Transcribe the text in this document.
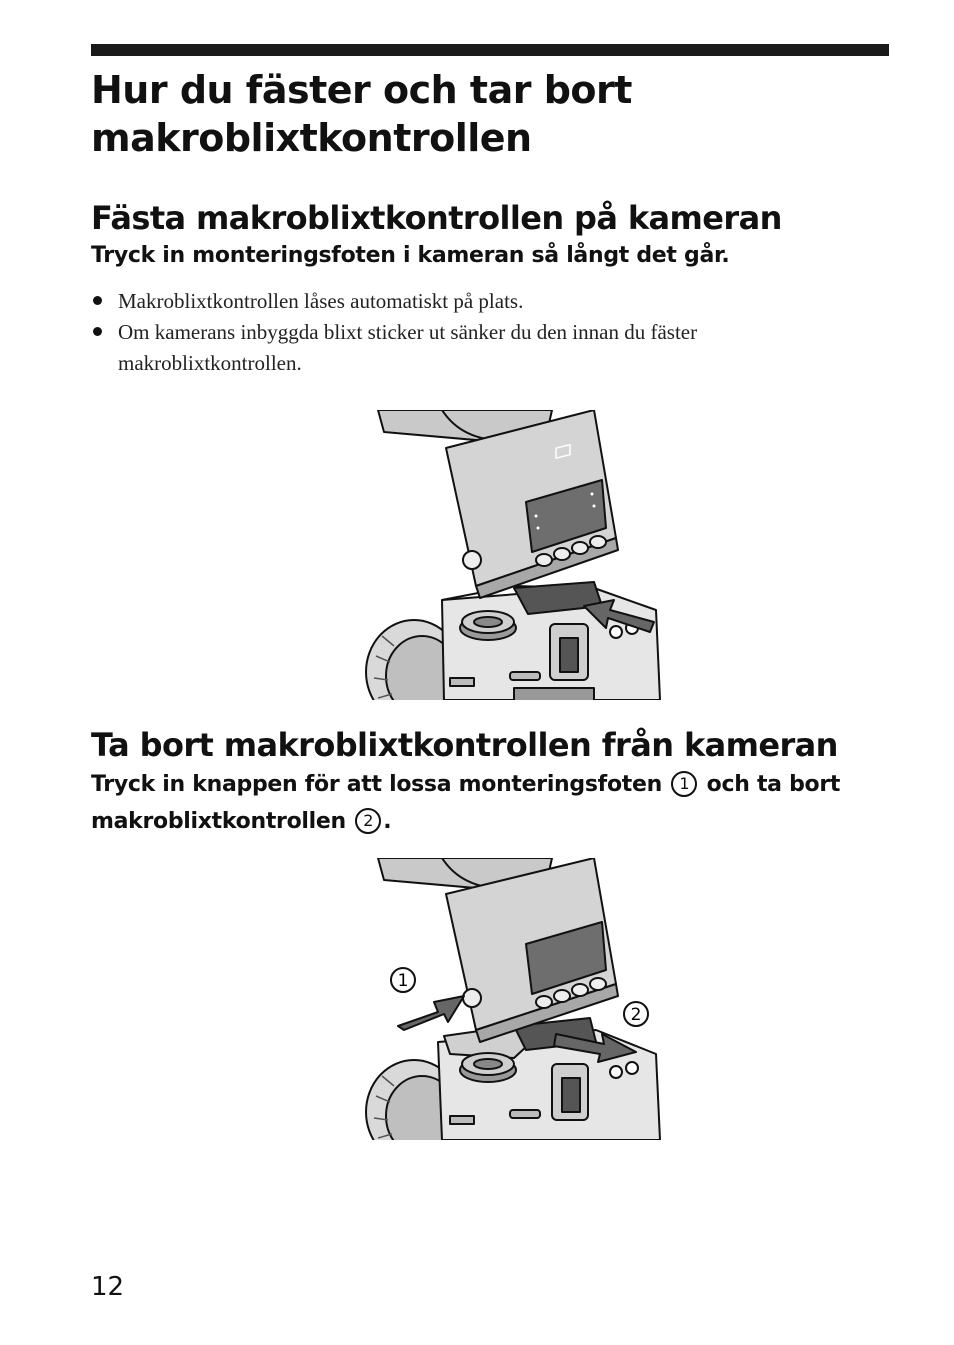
Hur du fäster och tar bort makroblixtkontrollen
Fästa makroblixtkontrollen på kameran

Tryck in monteringsfoten i kameran så långt det går.

Makroblixtkontrollen låses automatiskt på plats.
Om kamerans inbyggda blixt sticker ut sänker du den innan du fäster makroblixtkontrollen.
Ta bort makroblixtkontrollen från kameran

Tryck in knappen för att lossa monteringsfoten 1 och ta bort makroblixtkontrollen 2 .

1
2
12
